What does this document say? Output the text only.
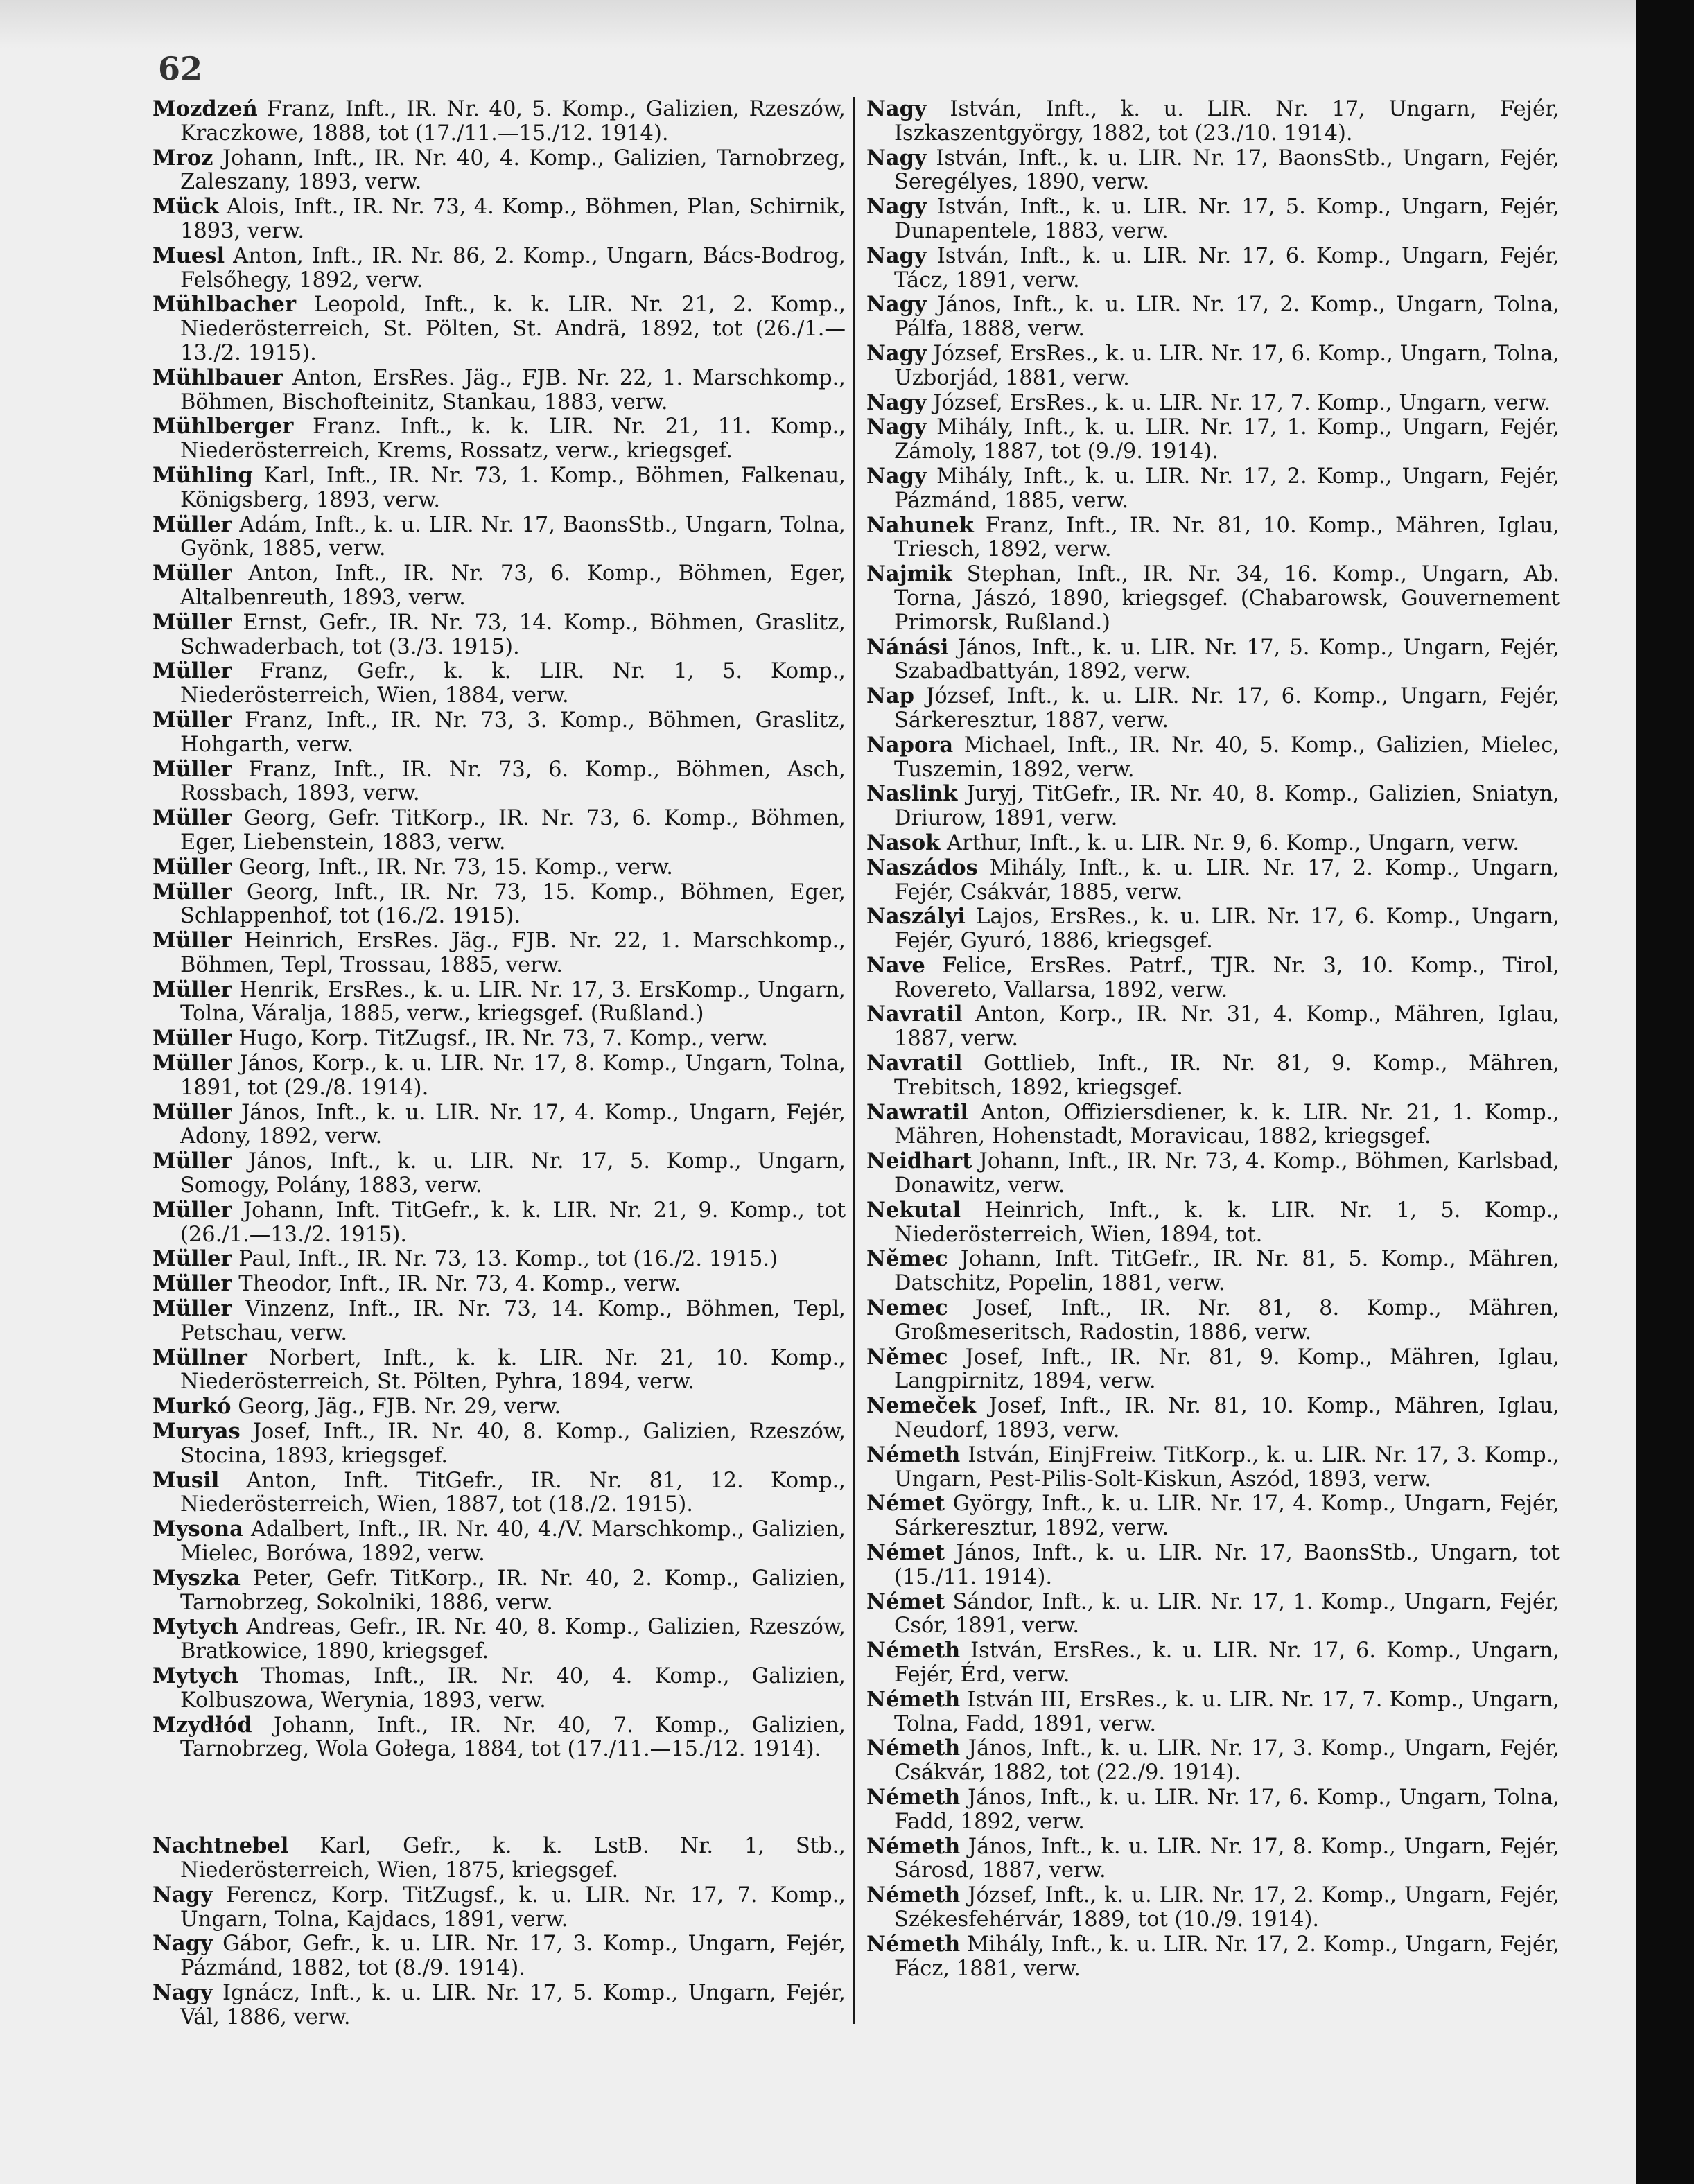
62
Mozdzeń Franz, Inft., IR. Nr. 40, 5. Komp., Galizien, Rzeszów, Kraczkowe, 1888, tot (17./11.—15./12. 1914).
Mroz Johann, Inft., IR. Nr. 40, 4. Komp., Galizien, Tarnobrzeg, Zaleszany, 1893, verw.
Mück Alois, Inft., IR. Nr. 73, 4. Komp., Böhmen, Plan, Schirnik, 1893, verw.
Muesl Anton, Inft., IR. Nr. 86, 2. Komp., Ungarn, Bács-Bodrog, Felsőhegy, 1892, verw.
Mühlbacher Leopold, Inft., k. k. LIR. Nr. 21, 2. Komp., Niederösterreich, St. Pölten, St. Andrä, 1892, tot (26./1.—13./2. 1915).
Mühlbauer Anton, ErsRes. Jäg., FJB. Nr. 22, 1. Marschkomp., Böhmen, Bischofteinitz, Stankau, 1883, verw.
Mühlberger Franz. Inft., k. k. LIR. Nr. 21, 11. Komp., Niederösterreich, Krems, Rossatz, verw., kriegsgef.
Mühling Karl, Inft., IR. Nr. 73, 1. Komp., Böhmen, Falkenau, Königsberg, 1893, verw.
Müller Adám, Inft., k. u. LIR. Nr. 17, BaonsStb., Ungarn, Tolna, Gyönk, 1885, verw.
Müller Anton, Inft., IR. Nr. 73, 6. Komp., Böhmen, Eger, Altalbenreuth, 1893, verw.
Müller Ernst, Gefr., IR. Nr. 73, 14. Komp., Böhmen, Graslitz, Schwaderbach, tot (3./3. 1915).
Müller Franz, Gefr., k. k. LIR. Nr. 1, 5. Komp., Niederösterreich, Wien, 1884, verw.
Müller Franz, Inft., IR. Nr. 73, 3. Komp., Böhmen, Graslitz, Hohgarth, verw.
Müller Franz, Inft., IR. Nr. 73, 6. Komp., Böhmen, Asch, Rossbach, 1893, verw.
Müller Georg, Gefr. TitKorp., IR. Nr. 73, 6. Komp., Böhmen, Eger, Liebenstein, 1883, verw.
Müller Georg, Inft., IR. Nr. 73, 15. Komp., verw.
Müller Georg, Inft., IR. Nr. 73, 15. Komp., Böhmen, Eger, Schlappenhof, tot (16./2. 1915).
Müller Heinrich, ErsRes. Jäg., FJB. Nr. 22, 1. Marschkomp., Böhmen, Tepl, Trossau, 1885, verw.
Müller Henrik, ErsRes., k. u. LIR. Nr. 17, 3. ErsKomp., Ungarn, Tolna, Váralja, 1885, verw., kriegsgef. (Rußland.)
Müller Hugo, Korp. TitZugsf., IR. Nr. 73, 7. Komp., verw.
Müller János, Korp., k. u. LIR. Nr. 17, 8. Komp., Ungarn, Tolna, 1891, tot (29./8. 1914).
Müller János, Inft., k. u. LIR. Nr. 17, 4. Komp., Ungarn, Fejér, Adony, 1892, verw.
Müller János, Inft., k. u. LIR. Nr. 17, 5. Komp., Ungarn, Somogy, Polány, 1883, verw.
Müller Johann, Inft. TitGefr., k. k. LIR. Nr. 21, 9. Komp., tot (26./1.—13./2. 1915).
Müller Paul, Inft., IR. Nr. 73, 13. Komp., tot (16./2. 1915.)
Müller Theodor, Inft., IR. Nr. 73, 4. Komp., verw.
Müller Vinzenz, Inft., IR. Nr. 73, 14. Komp., Böhmen, Tepl, Petschau, verw.
Müllner Norbert, Inft., k. k. LIR. Nr. 21, 10. Komp., Niederösterreich, St. Pölten, Pyhra, 1894, verw.
Murkó Georg, Jäg., FJB. Nr. 29, verw.
Muryas Josef, Inft., IR. Nr. 40, 8. Komp., Galizien, Rzeszów, Stocina, 1893, kriegsgef.
Musil Anton, Inft. TitGefr., IR. Nr. 81, 12. Komp., Niederösterreich, Wien, 1887, tot (18./2. 1915).
Mysona Adalbert, Inft., IR. Nr. 40, 4./V. Marschkomp., Galizien, Mielec, Borówa, 1892, verw.
Myszka Peter, Gefr. TitKorp., IR. Nr. 40, 2. Komp., Galizien, Tarnobrzeg, Sokolniki, 1886, verw.
Mytych Andreas, Gefr., IR. Nr. 40, 8. Komp., Galizien, Rzeszów, Bratkowice, 1890, kriegsgef.
Mytych Thomas, Inft., IR. Nr. 40, 4. Komp., Galizien, Kolbuszowa, Werynia, 1893, verw.
Mzydłód Johann, Inft., IR. Nr. 40, 7. Komp., Galizien, Tarnobrzeg, Wola Gołega, 1884, tot (17./11.—15./12. 1914).
Nachtnebel Karl, Gefr., k. k. LstB. Nr. 1, Stb., Niederösterreich, Wien, 1875, kriegsgef.
Nagy Ferencz, Korp. TitZugsf., k. u. LIR. Nr. 17, 7. Komp., Ungarn, Tolna, Kajdacs, 1891, verw.
Nagy Gábor, Gefr., k. u. LIR. Nr. 17, 3. Komp., Ungarn, Fejér, Pázmánd, 1882, tot (8./9. 1914).
Nagy Ignácz, Inft., k. u. LIR. Nr. 17, 5. Komp., Ungarn, Fejér, Vál, 1886, verw.
Nagy István, Inft., k. u. LIR. Nr. 17, Ungarn, Fejér, Iszkaszentgyörgy, 1882, tot (23./10. 1914).
Nagy István, Inft., k. u. LIR. Nr. 17, BaonsStb., Ungarn, Fejér, Seregélyes, 1890, verw.
Nagy István, Inft., k. u. LIR. Nr. 17, 5. Komp., Ungarn, Fejér, Dunapentele, 1883, verw.
Nagy István, Inft., k. u. LIR. Nr. 17, 6. Komp., Ungarn, Fejér, Tácz, 1891, verw.
Nagy János, Inft., k. u. LIR. Nr. 17, 2. Komp., Ungarn, Tolna, Pálfa, 1888, verw.
Nagy József, ErsRes., k. u. LIR. Nr. 17, 6. Komp., Ungarn, Tolna, Uzborjád, 1881, verw.
Nagy József, ErsRes., k. u. LIR. Nr. 17, 7. Komp., Ungarn, verw.
Nagy Mihály, Inft., k. u. LIR. Nr. 17, 1. Komp., Ungarn, Fejér, Zámoly, 1887, tot (9./9. 1914).
Nagy Mihály, Inft., k. u. LIR. Nr. 17, 2. Komp., Ungarn, Fejér, Pázmánd, 1885, verw.
Nahunek Franz, Inft., IR. Nr. 81, 10. Komp., Mähren, Iglau, Triesch, 1892, verw.
Najmik Stephan, Inft., IR. Nr. 34, 16. Komp., Ungarn, Ab. Torna, Jászó, 1890, kriegsgef. (Chabarowsk, Gouvernement Primorsk, Rußland.)
Nánási János, Inft., k. u. LIR. Nr. 17, 5. Komp., Ungarn, Fejér, Szabadbattyán, 1892, verw.
Nap József, Inft., k. u. LIR. Nr. 17, 6. Komp., Ungarn, Fejér, Sárkeresztur, 1887, verw.
Napora Michael, Inft., IR. Nr. 40, 5. Komp., Galizien, Mielec, Tuszemin, 1892, verw.
Naslink Juryj, TitGefr., IR. Nr. 40, 8. Komp., Galizien, Sniatyn, Driurow, 1891, verw.
Nasok Arthur, Inft., k. u. LIR. Nr. 9, 6. Komp., Ungarn, verw.
Naszádos Mihály, Inft., k. u. LIR. Nr. 17, 2. Komp., Ungarn, Fejér, Csákvár, 1885, verw.
Naszályi Lajos, ErsRes., k. u. LIR. Nr. 17, 6. Komp., Ungarn, Fejér, Gyuró, 1886, kriegsgef.
Nave Felice, ErsRes. Patrf., TJR. Nr. 3, 10. Komp., Tirol, Rovereto, Vallarsa, 1892, verw.
Navratil Anton, Korp., IR. Nr. 31, 4. Komp., Mähren, Iglau, 1887, verw.
Navratil Gottlieb, Inft., IR. Nr. 81, 9. Komp., Mähren, Trebitsch, 1892, kriegsgef.
Nawratil Anton, Offiziersdiener, k. k. LIR. Nr. 21, 1. Komp., Mähren, Hohenstadt, Moravicau, 1882, kriegsgef.
Neidhart Johann, Inft., IR. Nr. 73, 4. Komp., Böhmen, Karlsbad, Donawitz, verw.
Nekutal Heinrich, Inft., k. k. LIR. Nr. 1, 5. Komp., Niederösterreich, Wien, 1894, tot.
Němec Johann, Inft. TitGefr., IR. Nr. 81, 5. Komp., Mähren, Datschitz, Popelin, 1881, verw.
Nemec Josef, Inft., IR. Nr. 81, 8. Komp., Mähren, Großmeseritsch, Radostin, 1886, verw.
Němec Josef, Inft., IR. Nr. 81, 9. Komp., Mähren, Iglau, Langpirnitz, 1894, verw.
Nemeček Josef, Inft., IR. Nr. 81, 10. Komp., Mähren, Iglau, Neudorf, 1893, verw.
Németh István, EinjFreiw. TitKorp., k. u. LIR. Nr. 17, 3. Komp., Ungarn, Pest-Pilis-Solt-Kiskun, Aszód, 1893, verw.
Német György, Inft., k. u. LIR. Nr. 17, 4. Komp., Ungarn, Fejér, Sárkeresztur, 1892, verw.
Német János, Inft., k. u. LIR. Nr. 17, BaonsStb., Ungarn, tot (15./11. 1914).
Német Sándor, Inft., k. u. LIR. Nr. 17, 1. Komp., Ungarn, Fejér, Csór, 1891, verw.
Németh István, ErsRes., k. u. LIR. Nr. 17, 6. Komp., Ungarn, Fejér, Érd, verw.
Németh István III, ErsRes., k. u. LIR. Nr. 17, 7. Komp., Ungarn, Tolna, Fadd, 1891, verw.
Németh János, Inft., k. u. LIR. Nr. 17, 3. Komp., Ungarn, Fejér, Csákvár, 1882, tot (22./9. 1914).
Németh János, Inft., k. u. LIR. Nr. 17, 6. Komp., Ungarn, Tolna, Fadd, 1892, verw.
Németh János, Inft., k. u. LIR. Nr. 17, 8. Komp., Ungarn, Fejér, Sárosd, 1887, verw.
Németh József, Inft., k. u. LIR. Nr. 17, 2. Komp., Ungarn, Fejér, Székesfehérvár, 1889, tot (10./9. 1914).
Németh Mihály, Inft., k. u. LIR. Nr. 17, 2. Komp., Ungarn, Fejér, Fácz, 1881, verw.
